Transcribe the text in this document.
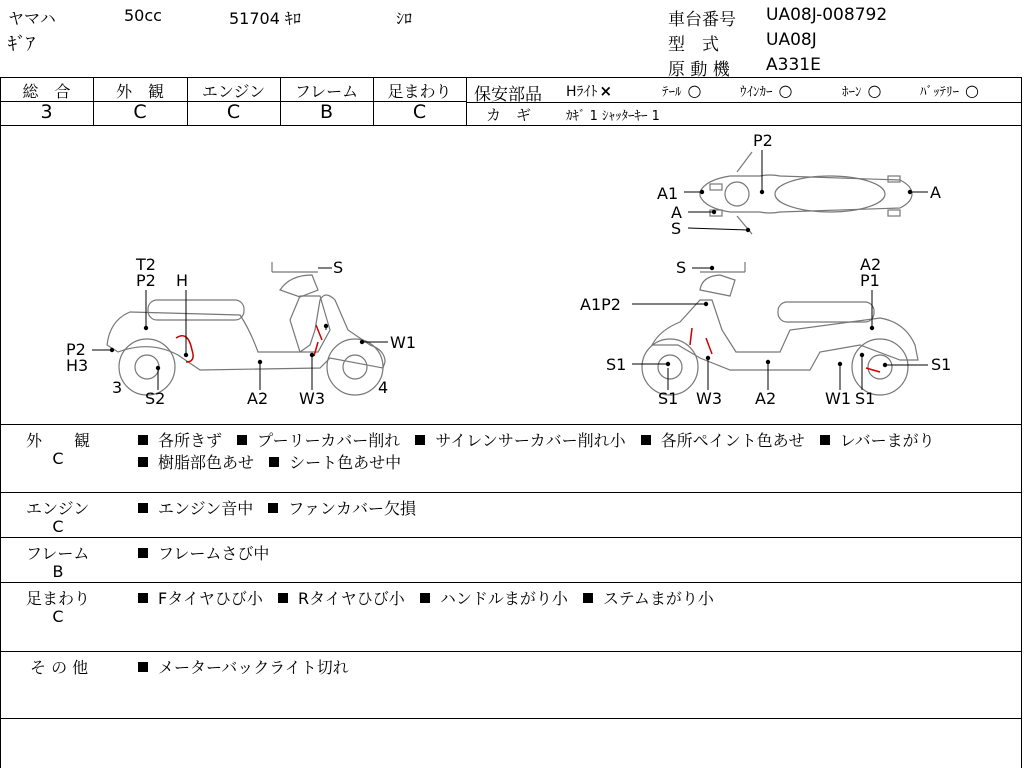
ヤマハ	50cc	51704 ｷﾛ	ｼﾛ
ｷﾞｱ
車台番号 UA08J-008792
型　式	UA08J
原 動 機 A331E
総　合	外　観	エンジン	フレーム	足まわり
3	C	C	B	C
保安部品 Hﾗｲﾄ ×	ﾃｰﾙ ○	ｳｲﾝｶｰ ○	ﾎｰﾝ ○	ﾊﾞｯﾃﾘｰ ○
カ　ギ	ｶｷﾞ 1 ｼｬｯﾀｰｷｰ 1
T2
P2 H
S
P2
H3
W1
3
S2	A2 W3
4
S	A2
P1
A1P2
S1
S1 W3 A2	W1 S1
S1
P2
A1
A
S
A
外　　観
C
各所きず プーリーカバー削れ サイレンサーカバー削れ小 各所ペイント色あせ レバーまがり
樹脂部色あせ シート色あせ中
エンジン
C
エンジン音中 ファンカバー欠損
フレーム
B
フレームさび中
足まわり
C
Fタイヤひび小 Rタイヤひび小 ハンドルまがり小 ステムまがり小
そ の 他	メーターバックライト切れ
